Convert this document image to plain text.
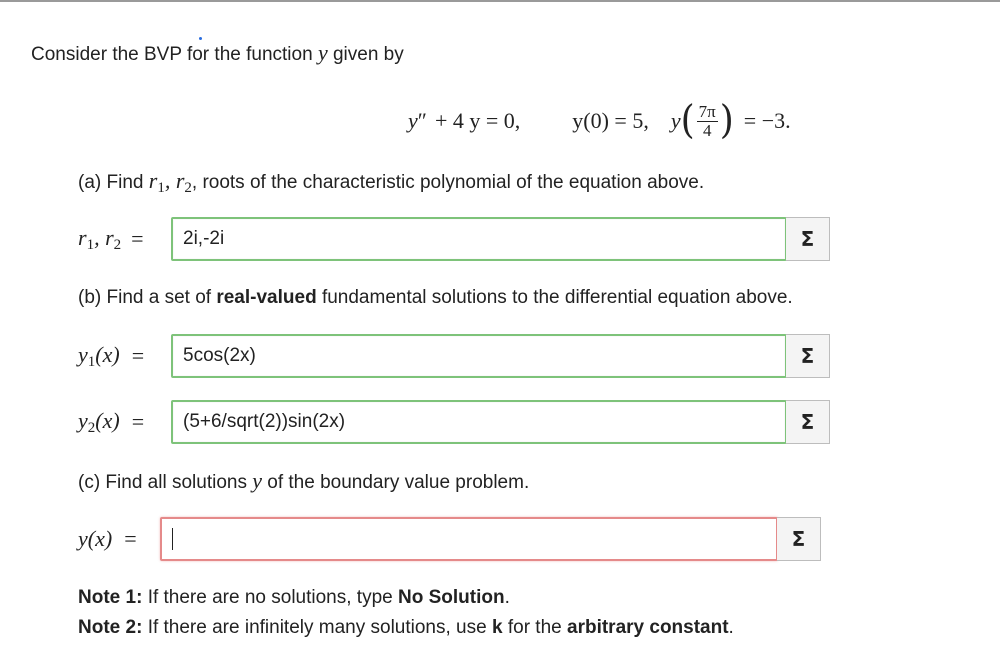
Consider the BVP for the function y given by
y ″ + 4 y = 0, y(0) = 5, y ( $\frac{7\pi}{4}$ ) = −3.
(a) Find $r_1$, $r_2$, roots of the characteristic polynomial of the equation above.
$r_1$, $r_2 = 2i,-2i$	Σ
(b) Find a set of real-valued fundamental solutions to the differential equation above.
$y_1(x) = 5\cos(2x)$	Σ
$y_2(x)$ = (5+6/sqrt(2))sin(2x)	Σ
(c) Find all solutions y of the boundary value problem.
y(x) =	Σ
Note 1: If there are no solutions, type No Solution.
Note 2: If there are infinitely many solutions, use k for the arbitrary constant.
